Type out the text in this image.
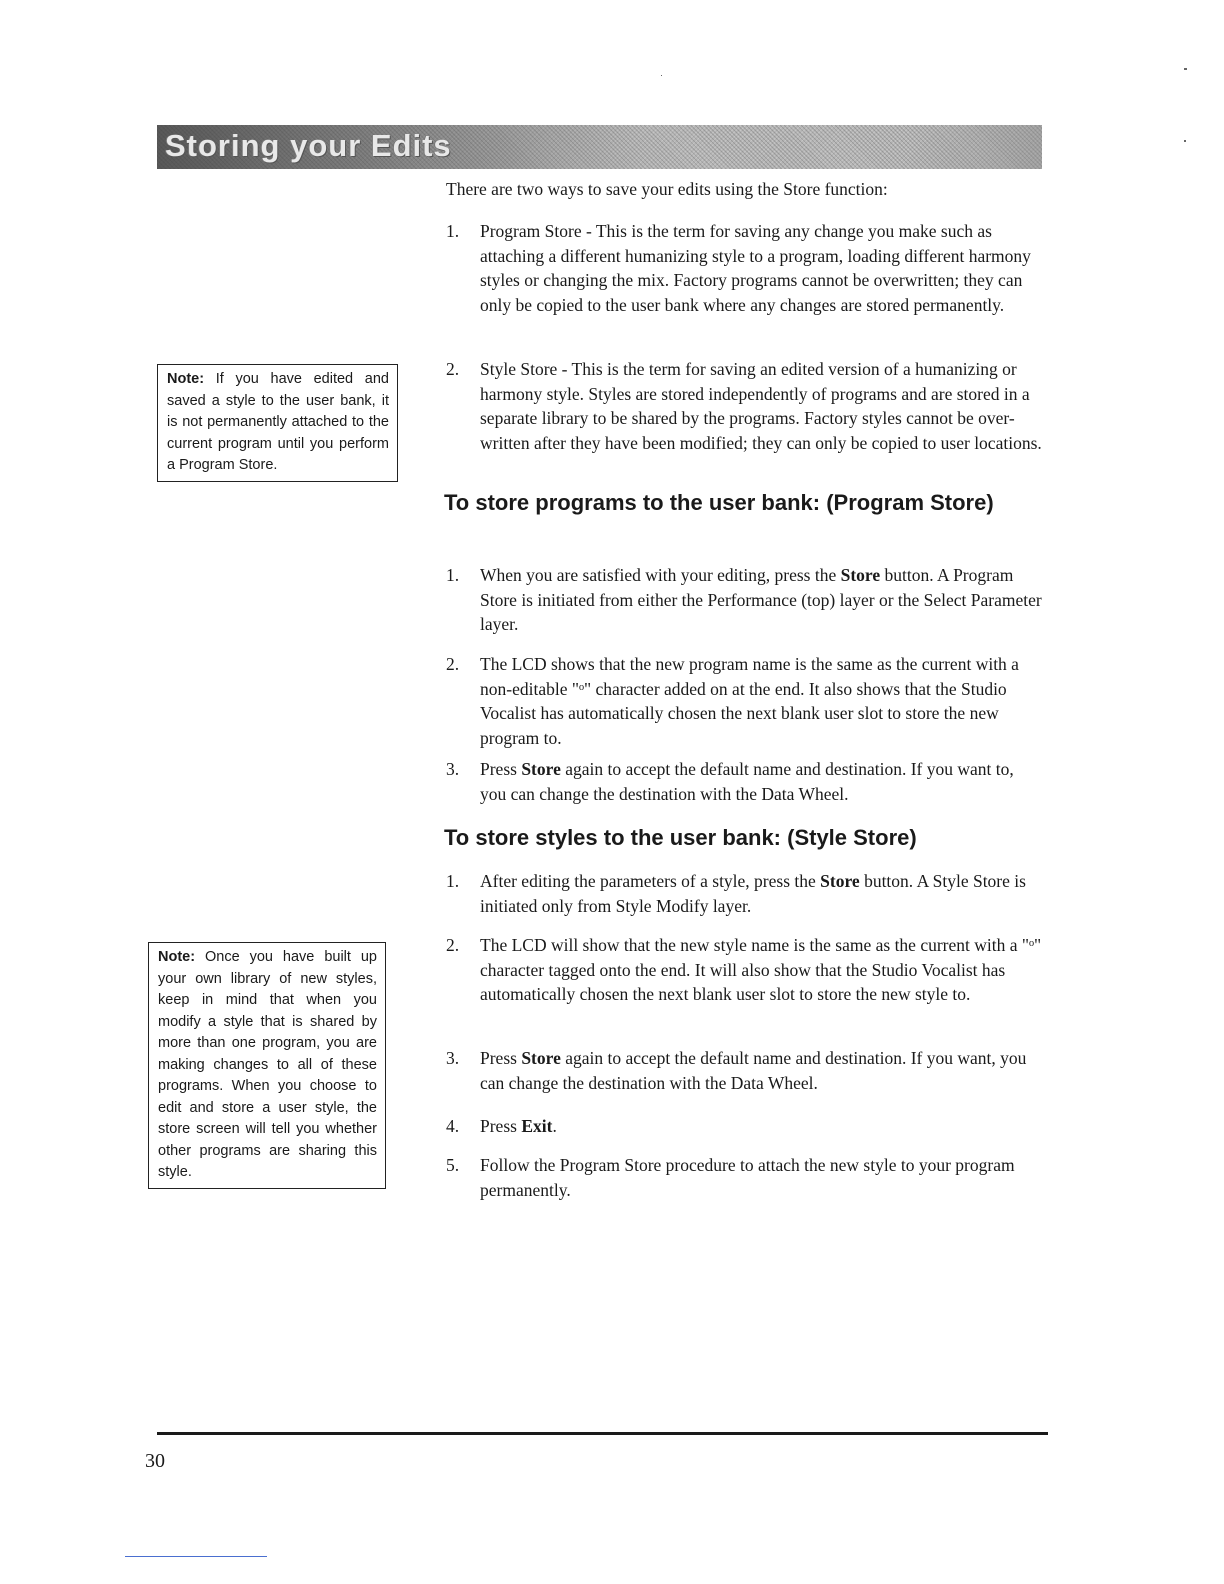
Storing your Edits
There are two ways to save your edits using the Store function:
1. Program Store - This is the term for saving any change you make such as attaching a different humanizing style to a program, loading different harmony styles or changing the mix. Factory programs cannot be overwritten; they can only be copied to the user bank where any changes are stored permanently.
2. Style Store - This is the term for saving an edited version of a humanizing or harmony style. Styles are stored independently of programs and are stored in a separate library to be shared by the programs. Factory styles cannot be over-written after they have been modified; they can only be copied to user locations.
To store programs to the user bank: (Program Store)
1. When you are satisfied with your editing, press the Store button. A Program Store is initiated from either the Performance (top) layer or the Select Parameter layer.
2. The LCD shows that the new program name is the same as the current with a non-editable "ᵒ" character added on at the end. It also shows that the Studio Vocalist has automatically chosen the next blank user slot to store the new program to.
3. Press Store again to accept the default name and destination. If you want to, you can change the destination with the Data Wheel.
To store styles to the user bank: (Style Store)
1. After editing the parameters of a style, press the Store button. A Style Store is initiated only from Style Modify layer.
2. The LCD will show that the new style name is the same as the current with a "ᵒ" character tagged onto the end. It will also show that the Studio Vocalist has automatically chosen the next blank user slot to store the new style to.
3. Press Store again to accept the default name and destination. If you want, you can change the destination with the Data Wheel.
4. Press Exit.
5. Follow the Program Store procedure to attach the new style to your program permanently.
Note: If you have edited and saved a style to the user bank, it is not permanently attached to the current program until you perform a Program Store.
Note: Once you have built up your own library of new styles, keep in mind that when you modify a style that is shared by more than one program, you are making changes to all of these programs. When you choose to edit and store a user style, the store screen will tell you whether other programs are sharing this style.
30
